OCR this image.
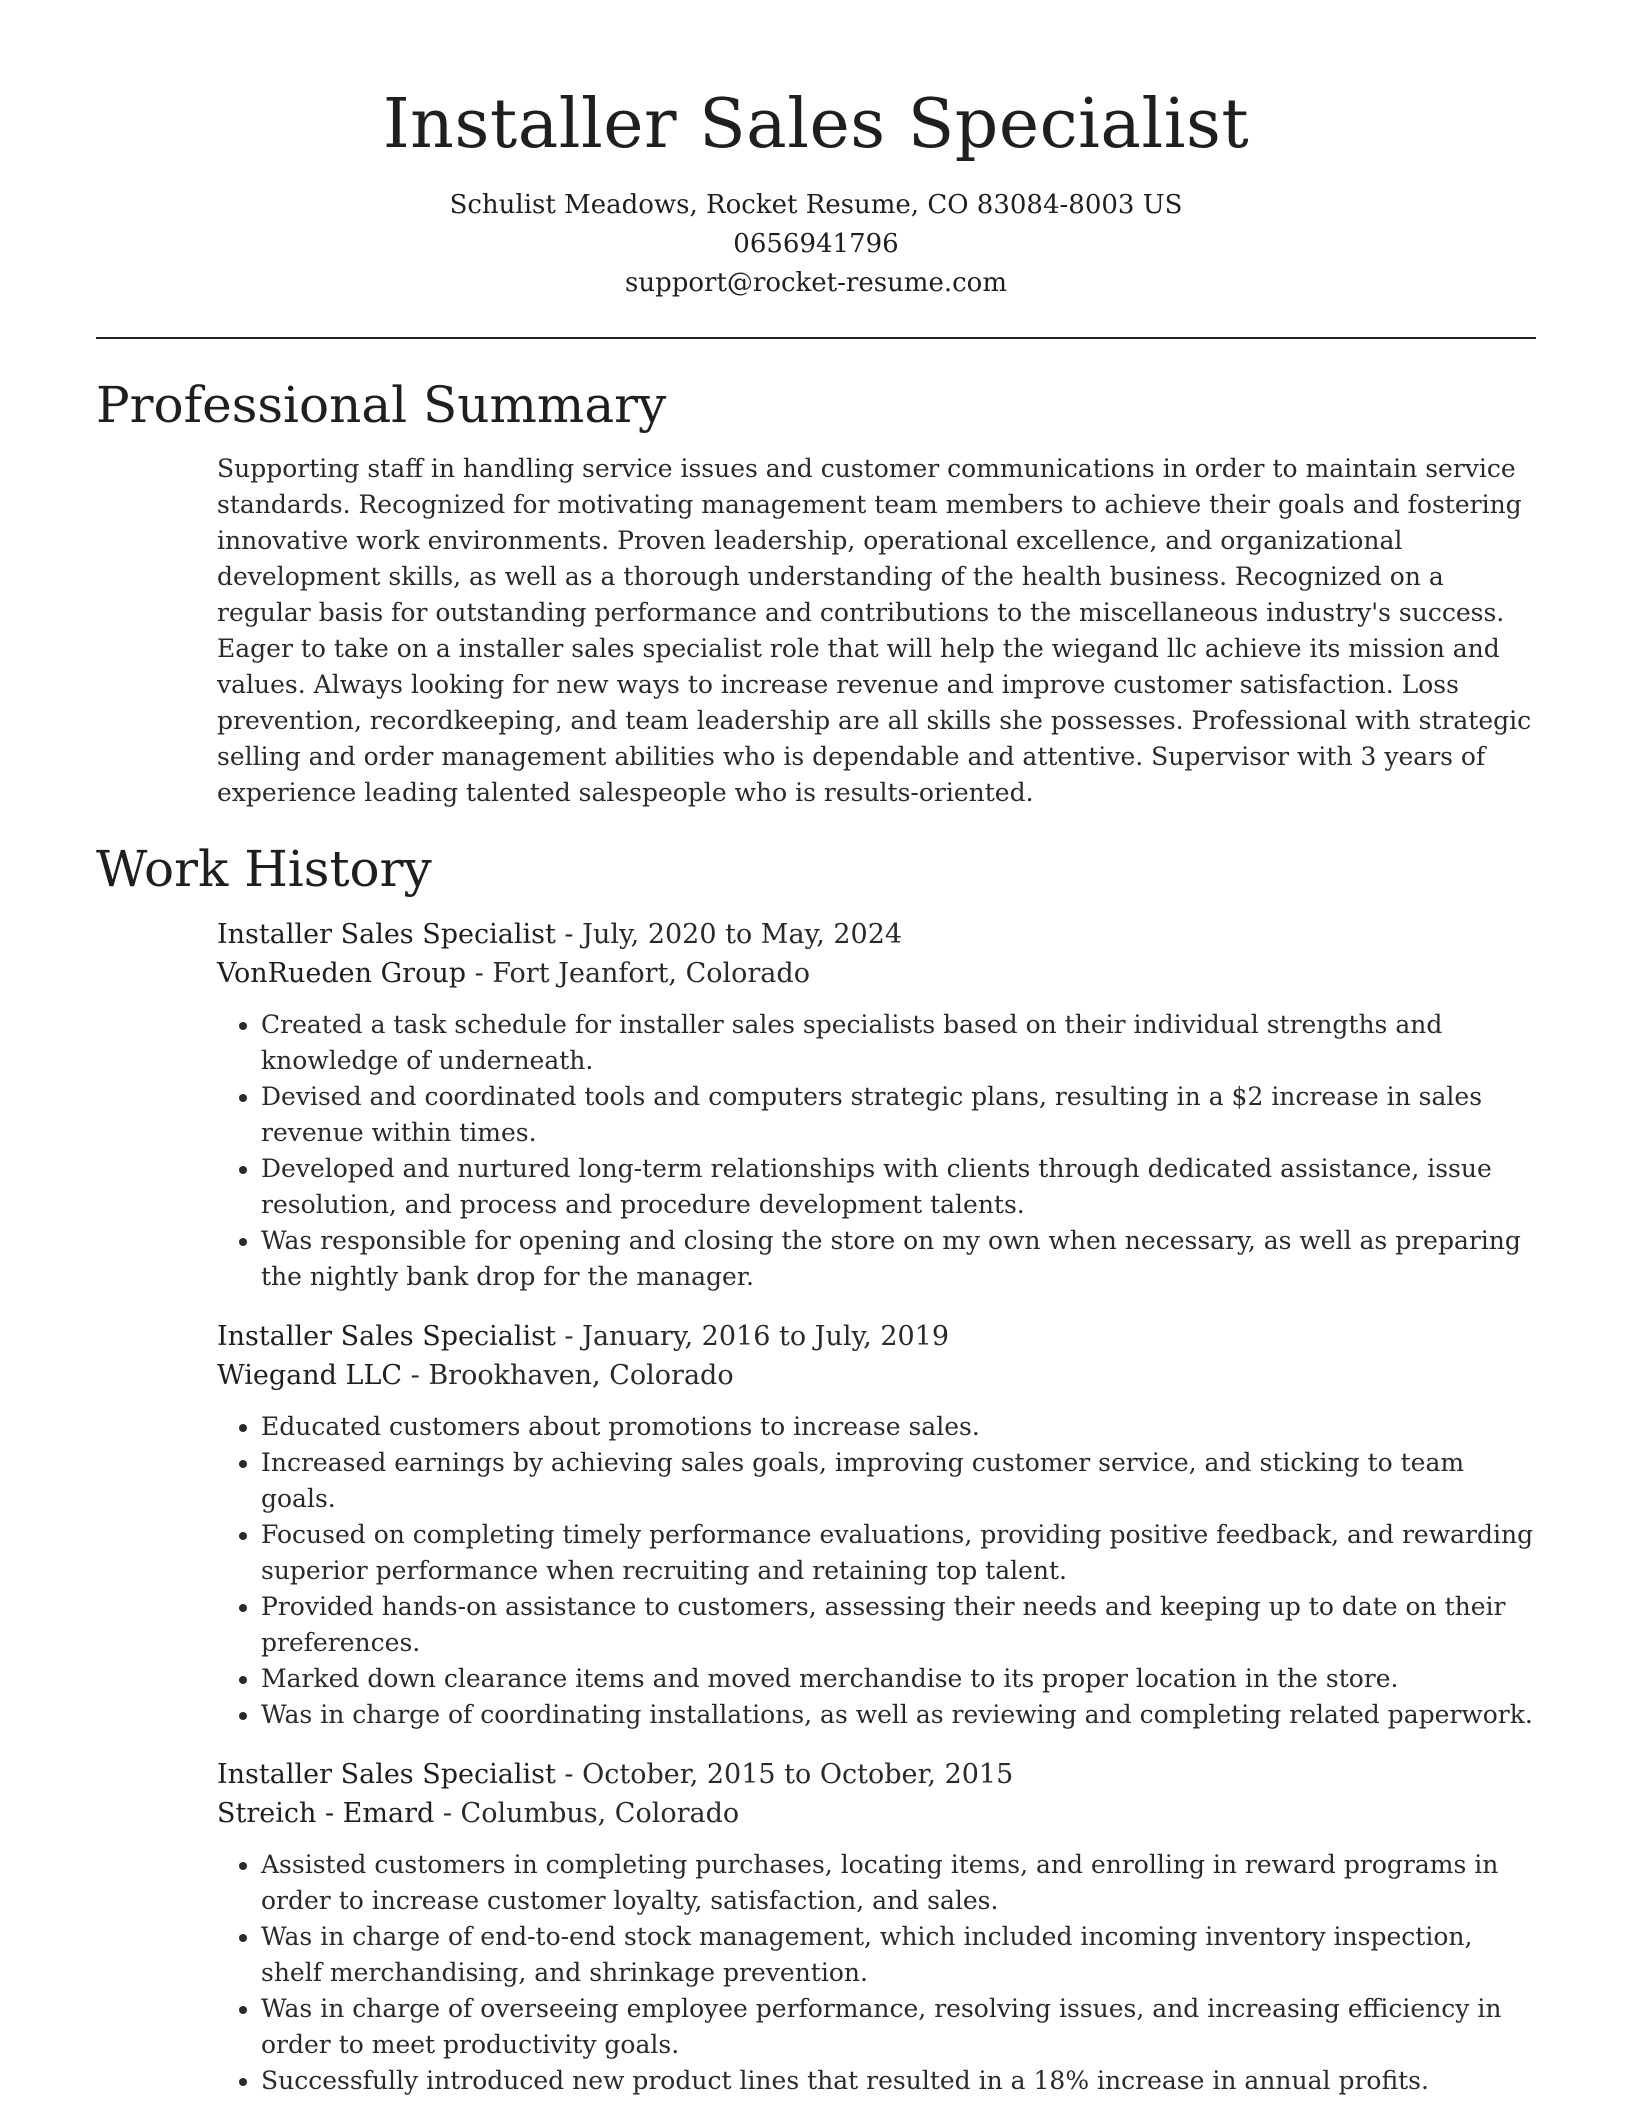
Installer Sales Specialist
Schulist Meadows, Rocket Resume, CO 83084-8003 US
0656941796
support@rocket-resume.com
Professional Summary

Supporting staff in handling service issues and customer communications in order to maintain service standards. Recognized for motivating management team members to achieve their goals and fostering innovative work environments. Proven leadership, operational excellence, and organizational development skills, as well as a thorough understanding of the health business. Recognized on a regular basis for outstanding performance and contributions to the miscellaneous industry's success. Eager to take on a installer sales specialist role that will help the wiegand llc achieve its mission and values. Always looking for new ways to increase revenue and improve customer satisfaction. Loss prevention, recordkeeping, and team leadership are all skills she possesses. Professional with strategic selling and order management abilities who is dependable and attentive. Supervisor with 3 years of experience leading talented salespeople who is results-oriented.

Work History
Installer Sales Specialist - July, 2020 to May, 2024
VonRueden Group - Fort Jeanfort, Colorado
• Created a task schedule for installer sales specialists based on their individual strengths and knowledge of underneath.
• Devised and coordinated tools and computers strategic plans, resulting in a $2 increase in sales revenue within times.
• Developed and nurtured long-term relationships with clients through dedicated assistance, issue resolution, and process and procedure development talents.
• Was responsible for opening and closing the store on my own when necessary, as well as preparing the nightly bank drop for the manager.
Installer Sales Specialist - January, 2016 to July, 2019
Wiegand LLC - Brookhaven, Colorado
• Educated customers about promotions to increase sales.
• Increased earnings by achieving sales goals, improving customer service, and sticking to team goals.
• Focused on completing timely performance evaluations, providing positive feedback, and rewarding superior performance when recruiting and retaining top talent.
• Provided hands-on assistance to customers, assessing their needs and keeping up to date on their preferences.
• Marked down clearance items and moved merchandise to its proper location in the store.
• Was in charge of coordinating installations, as well as reviewing and completing related paperwork.
Installer Sales Specialist - October, 2015 to October, 2015
Streich - Emard - Columbus, Colorado
• Assisted customers in completing purchases, locating items, and enrolling in reward programs in order to increase customer loyalty, satisfaction, and sales.
• Was in charge of end-to-end stock management, which included incoming inventory inspection, shelf merchandising, and shrinkage prevention.
• Was in charge of overseeing employee performance, resolving issues, and increasing efficiency in order to meet productivity goals.
• Successfully introduced new product lines that resulted in a 18% increase in annual profits.
